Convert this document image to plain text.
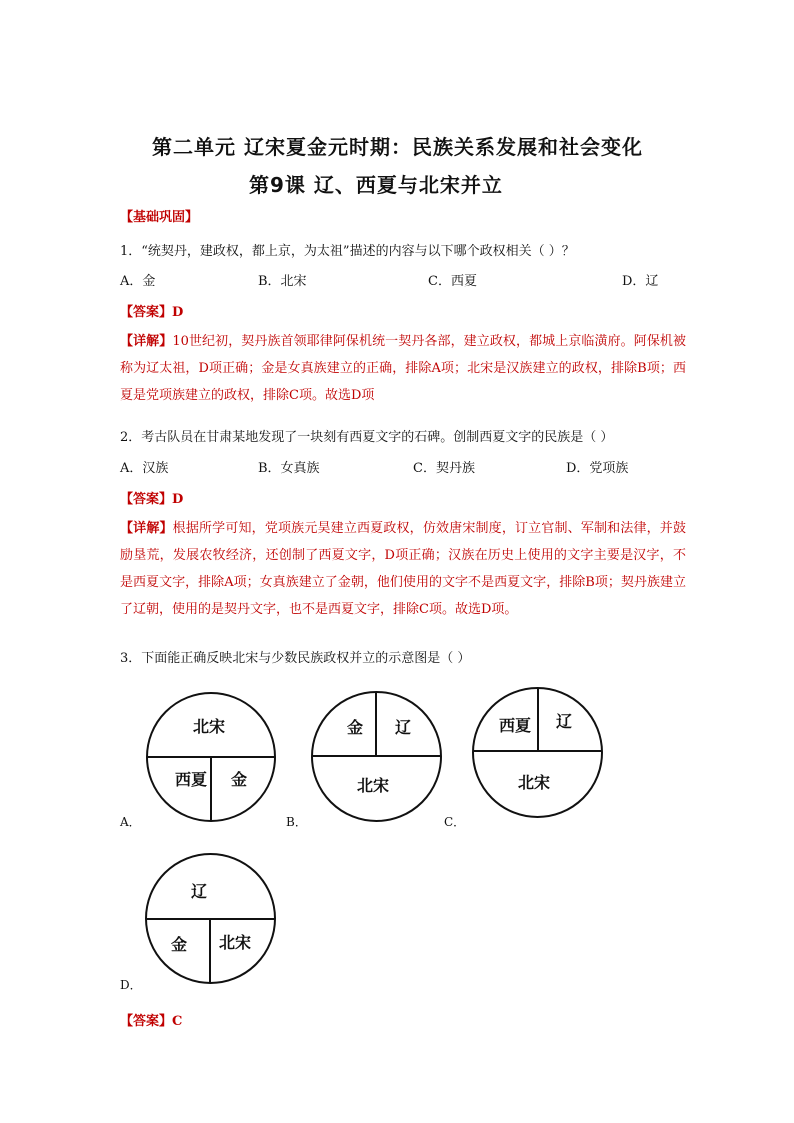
第二单元 辽宋夏金元时期：民族关系发展和社会变化
第9课 辽、西夏与北宋并立
【基础巩固】
1．“统契丹，建政权，都上京，为太祖”描述的内容与以下哪个政权相关（ ）？
A．金	B．北宋	C．西夏	D．辽
【答案】D
【详解】10世纪初，契丹族首领耶律阿保机统一契丹各部，建立政权，都城上京临潢府。阿保机被称为辽太祖，D项正确；金是女真族建立的正确，排除A项；北宋是汉族建立的政权，排除B项；西夏是党项族建立的政权，排除C项。故选D项
2．考古队员在甘肃某地发现了一块刻有西夏文字的石碑。创制西夏文字的民族是（ ）
A．汉族	B．女真族	C．契丹族	D．党项族
【答案】D
【详解】根据所学可知，党项族元昊建立西夏政权，仿效唐宋制度，订立官制、军制和法律，并鼓励垦荒，发展农牧经济，还创制了西夏文字，D项正确；汉族在历史上使用的文字主要是汉字，不是西夏文字，排除A项；女真族建立了金朝，他们使用的文字不是西夏文字，排除B项；契丹族建立了辽朝，使用的是契丹文字，也不是西夏文字，排除C项。故选D项。
3．下面能正确反映北宋与少数民族政权并立的示意图是（ ）
北宋
西夏 金
A．
金 辽
北宋
B．
西夏 辽
北宋
C．
辽
金 北宋
D．
【答案】C
